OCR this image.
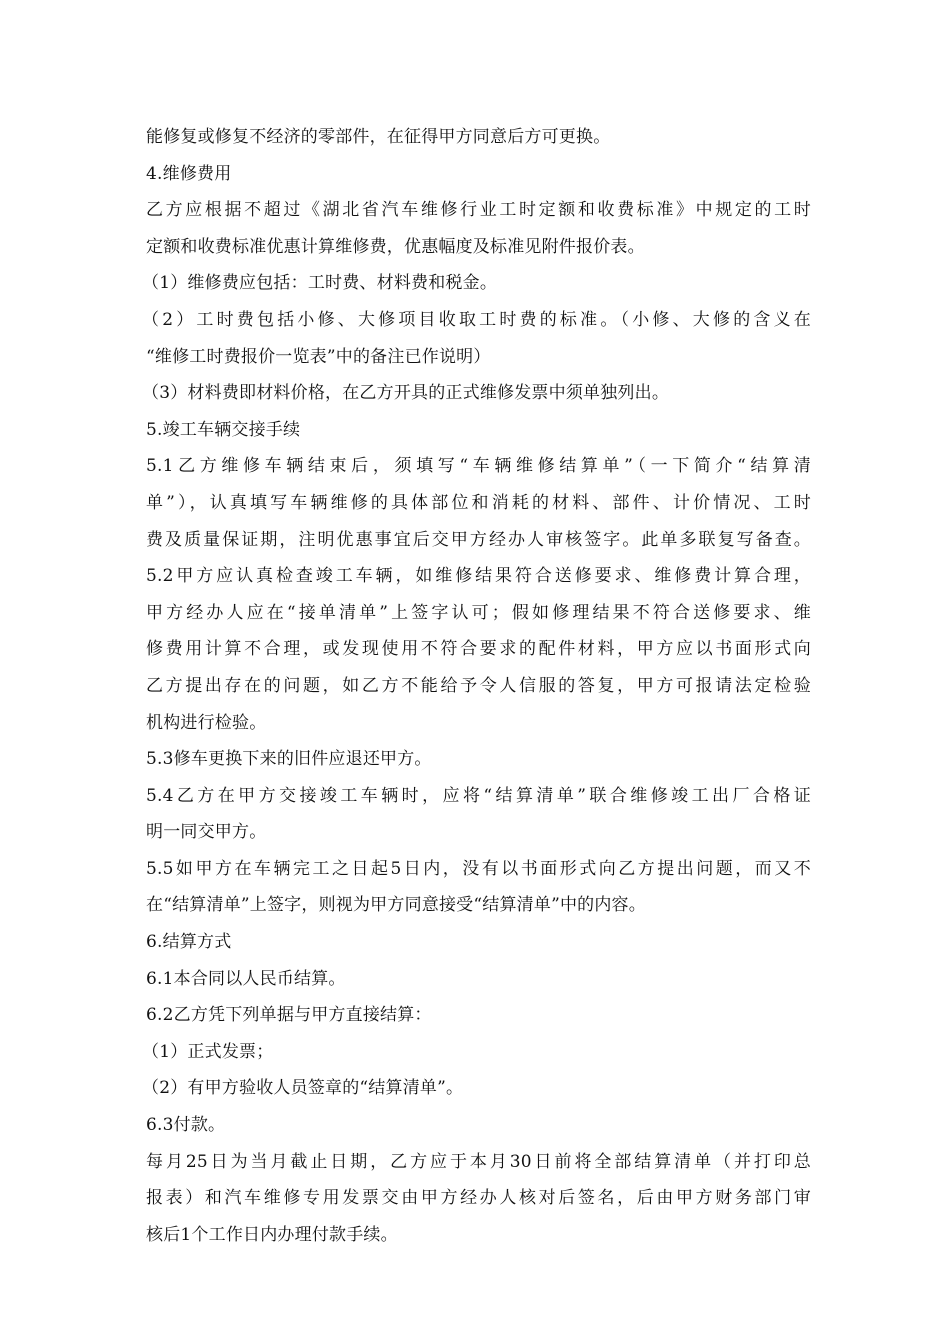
能修复或修复不经济的零部件，在征得甲方同意后方可更换。
4.维修费用
乙方应根据不超过《湖北省汽车维修行业工时定额和收费标准》中规定的工时
定额和收费标准优惠计算维修费，优惠幅度及标准见附件报价表。
（1）维修费应包括：工时费、材料费和税金。
（2）工时费包括小修、大修项目收取工时费的标准。（小修、大修的含义在
“维修工时费报价一览表”中的备注已作说明）
（3）材料费即材料价格，在乙方开具的正式维修发票中须单独列出。
5.竣工车辆交接手续
5.1乙方维修车辆结束后，须填写“车辆维修结算单”（一下简介“结算清
单”），认真填写车辆维修的具体部位和消耗的材料、部件、计价情况、工时
费及质量保证期，注明优惠事宜后交甲方经办人审核签字。此单多联复写备查。
5.2甲方应认真检查竣工车辆，如维修结果符合送修要求、维修费计算合理，
甲方经办人应在“接单清单”上签字认可；假如修理结果不符合送修要求、维
修费用计算不合理，或发现使用不符合要求的配件材料，甲方应以书面形式向
乙方提出存在的问题，如乙方不能给予令人信服的答复，甲方可报请法定检验
机构进行检验。
5.3修车更换下来的旧件应退还甲方。
5.4乙方在甲方交接竣工车辆时，应将“结算清单”联合维修竣工出厂合格证
明一同交甲方。
5.5如甲方在车辆完工之日起5日内，没有以书面形式向乙方提出问题，而又不
在“结算清单”上签字，则视为甲方同意接受“结算清单”中的内容。
6.结算方式
6.1本合同以人民币结算。
6.2乙方凭下列单据与甲方直接结算：
（1）正式发票；
（2）有甲方验收人员签章的“结算清单”。
6.3付款。
每月25日为当月截止日期，乙方应于本月30日前将全部结算清单（并打印总
报表）和汽车维修专用发票交由甲方经办人核对后签名，后由甲方财务部门审
核后1个工作日内办理付款手续。
